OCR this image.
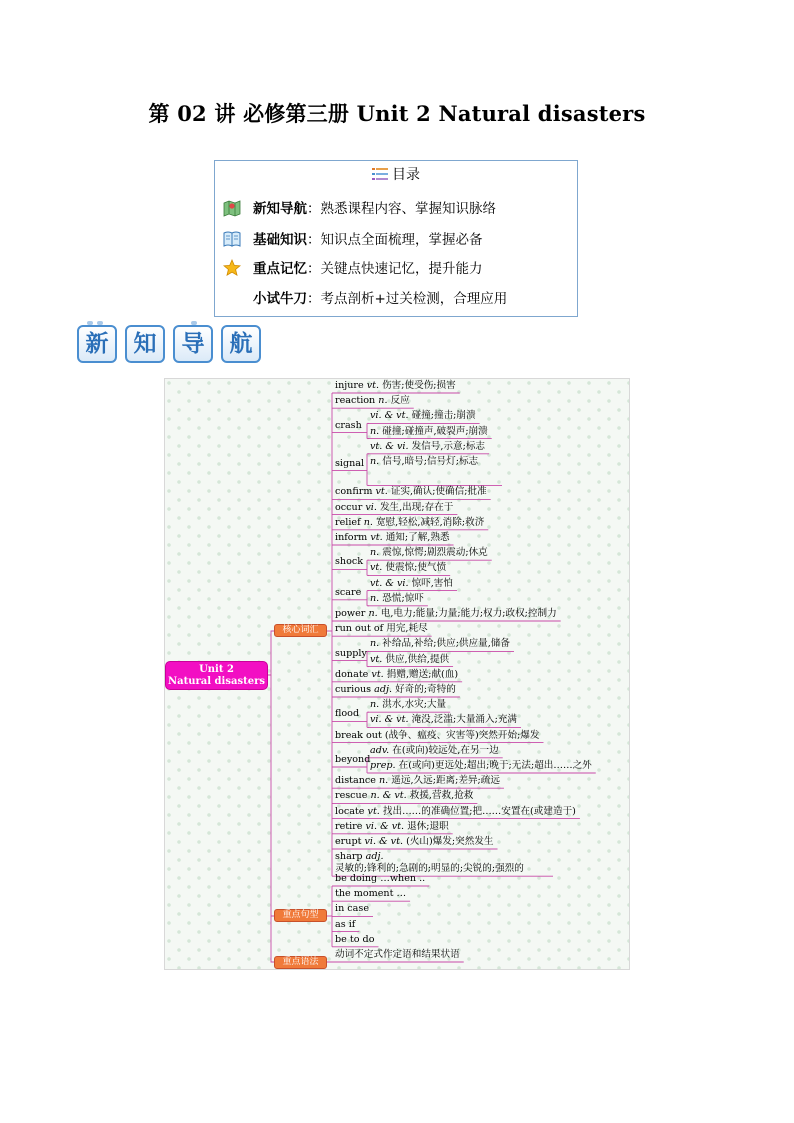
第 02 讲 必修第三册 Unit 2 Natural disasters
目录
新知导航：熟悉课程内容、掌握知识脉络
基础知识：知识点全面梳理，掌握必备
重点记忆：关键点快速记忆，提升能力
小试牛刀：考点剖析+过关检测，合理应用
新	知	导	航
Unit 2
Natural disasters
核心词汇
重点句型
重点语法
injure vt. 伤害;使受伤;损害
reaction n. 反应
vi. & vt. 碰撞;撞击;崩溃
n. 碰撞;碰撞声,破裂声;崩溃
crash
vt. & vi. 发信号,示意;标志
n. 信号,暗号;信号灯;标志
signal
confirm vt. 证实,确认;使确信;批准
occur vi. 发生,出现;存在于
relief n. 宽慰,轻松,减轻,消除;救济
inform vt. 通知;了解,熟悉
n. 震惊,惊愕;剧烈震动;休克
vt. 使震惊;使气愤
shock
vt. & vi. 惊吓,害怕
n. 恐慌;惊吓
scare
power n. 电,电力;能量;力量;能力;权力;政权;控制力
run out of 用完,耗尽
n. 补给品,补给;供应;供应量,储备
vt. 供应,供给,提供
supply
donate vt. 捐赠,赠送;献(血)
curious adj. 好奇的;奇特的
n. 洪水,水灾;大量
vi. & vt. 淹没,泛滥;大量涌入;充满
flood
break out (战争、瘟疫、灾害等)突然开始;爆发
adv. 在(或向)较远处,在另一边
prep. 在(或向)更远处;超出;晚于;无法;超出……之外
beyond
distance n. 遥远,久远;距离;差异;疏远
rescue n. & vt. 救援,营救,抢救
locate vt. 找出……的准确位置;把……安置在(或建造于)
retire vi. & vt. 退休;退职
erupt vi. & vt. (火山)爆发;突然发生
sharp adj.
灵敏的;锋利的;急剧的;明显的;尖锐的;强烈的
be doing …when ..
the moment …
in case
as if
be to do
动词不定式作定语和结果状语
